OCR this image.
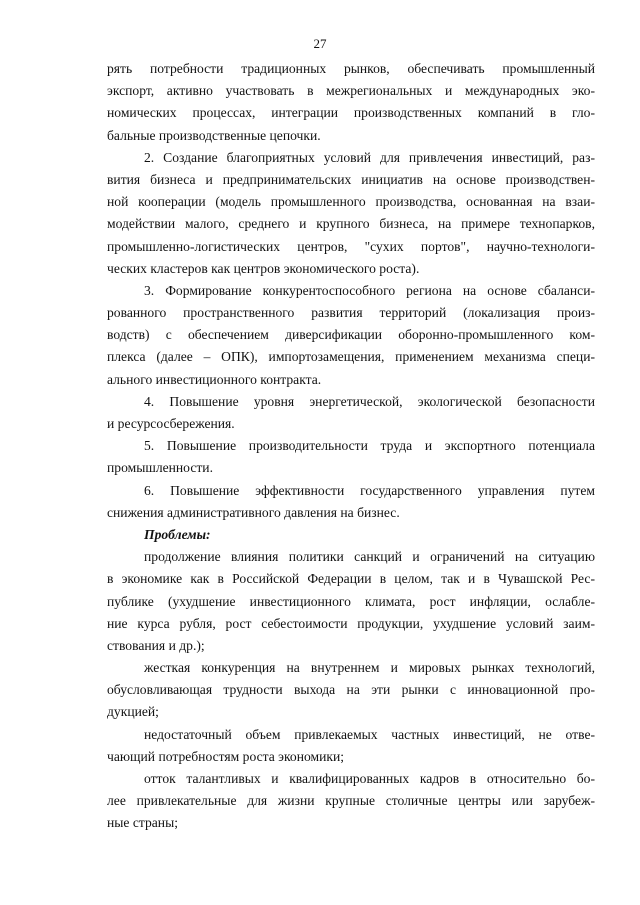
27
рять потребности традиционных рынков, обеспечивать промышленный
экспорт, активно участвовать в межрегиональных и международных эко-
номических процессах, интеграции производственных компаний в гло-
бальные производственные цепочки.
2. Создание благоприятных условий для привлечения инвестиций, раз-
вития бизнеса и предпринимательских инициатив на основе производствен-
ной кооперации (модель промышленного производства, основанная на взаи-
модействии малого, среднего и крупного бизнеса, на примере технопарков,
промышленно-логистических центров, "сухих портов", научно-технологи-
ческих кластеров как центров экономического роста).
3. Формирование конкурентоспособного региона на основе сбаланси-
рованного пространственного развития территорий (локализация произ-
водств) с обеспечением диверсификации оборонно-промышленного ком-
плекса (далее – ОПК), импортозамещения, применением механизма специ-
ального инвестиционного контракта.
4. Повышение уровня энергетической, экологической безопасности
и ресурсосбережения.
5. Повышение производительности труда и экспортного потенциала
промышленности.
6. Повышение эффективности государственного управления путем
снижения административного давления на бизнес.
Проблемы:
продолжение влияния политики санкций и ограничений на ситуацию
в экономике как в Российской Федерации в целом, так и в Чувашской Рес-
публике (ухудшение инвестиционного климата, рост инфляции, ослабле-
ние курса рубля, рост себестоимости продукции, ухудшение условий заим-
ствования и др.);
жесткая конкуренция на внутреннем и мировых рынках технологий,
обусловливающая трудности выхода на эти рынки с инновационной про-
дукцией;
недостаточный объем привлекаемых частных инвестиций, не отве-
чающий потребностям роста экономики;
отток талантливых и квалифицированных кадров в относительно бо-
лее привлекательные для жизни крупные столичные центры или зарубеж-
ные страны;
